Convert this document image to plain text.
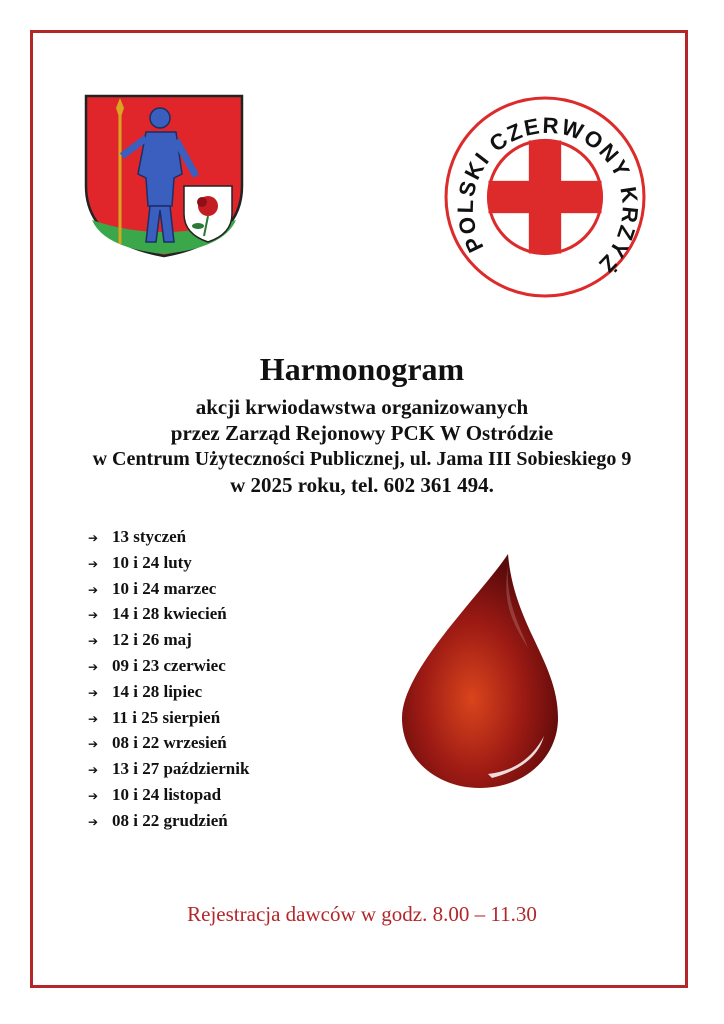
POLSKI CZERWONY KRZYŻ
Harmonogram
akcji krwiodawstwa organizowanych
przez Zarząd Rejonowy PCK W Ostródzie
w Centrum Użyteczności Publicznej, ul. Jama III Sobieskiego 9
w 2025 roku, tel. 602 361 494.
➔ 13 styczeń
➔ 10 i 24 luty
➔ 10 i 24 marzec
➔ 14 i 28 kwiecień
➔ 12 i 26 maj
➔ 09 i 23 czerwiec
➔ 14 i 28 lipiec
➔ 11 i 25 sierpień
➔ 08 i 22 wrzesień
➔ 13 i 27 październik
➔ 10 i 24 listopad
➔ 08 i 22 grudzień
Rejestracja dawców w godz. 8.00 – 11.30
